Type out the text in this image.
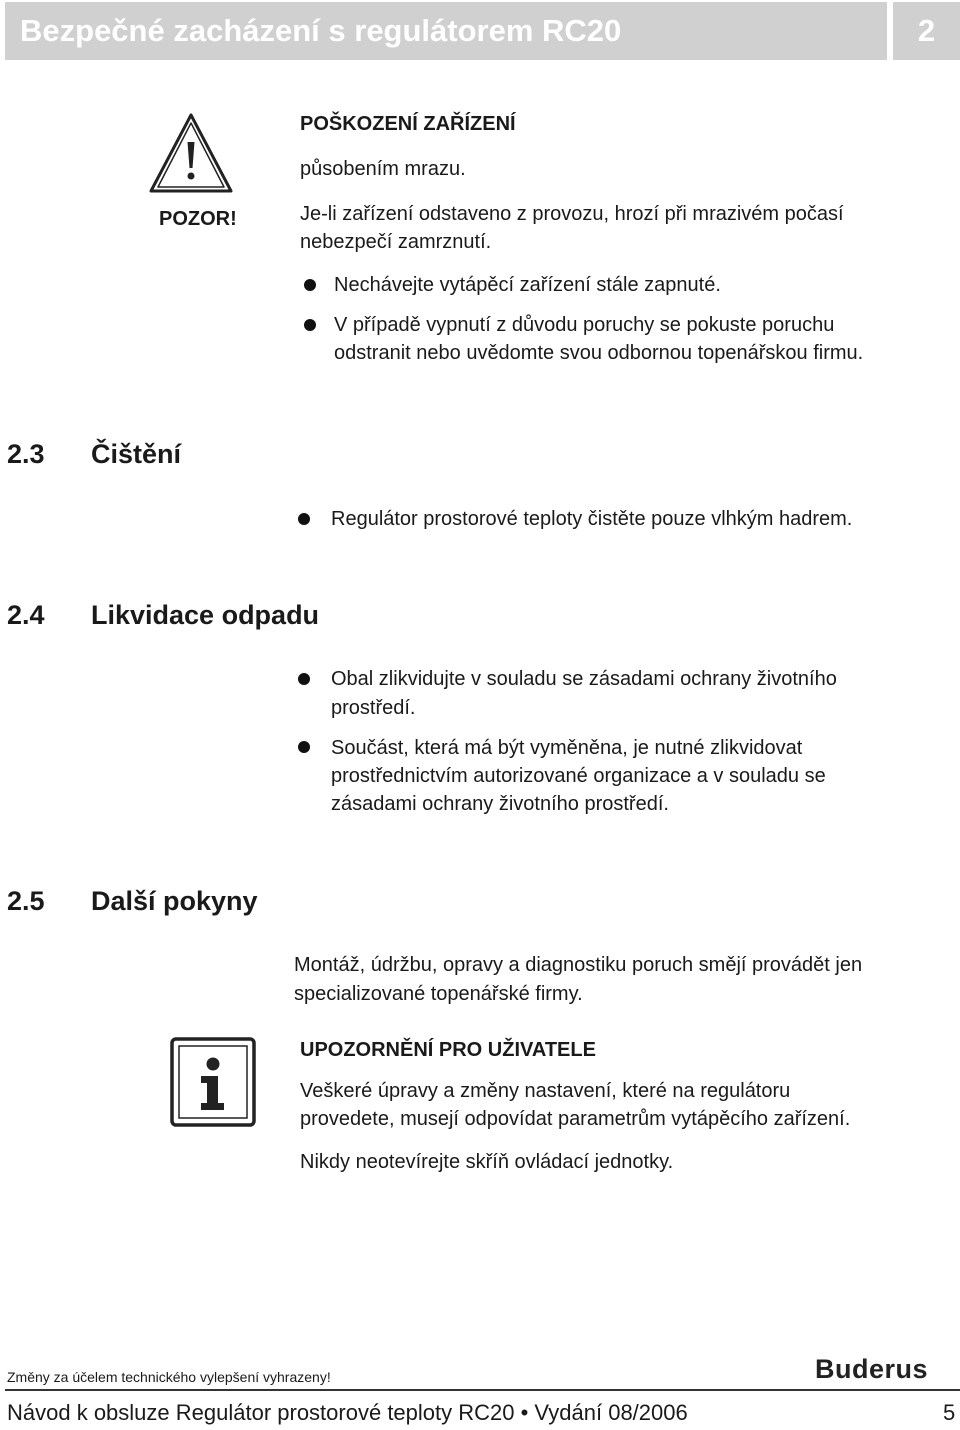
Bezpečné zacházení s regulátorem RC20	2
POZOR!
POŠKOZENÍ ZAŘÍZENÍ
působením mrazu.
Je-li zařízení odstaveno z provozu, hrozí při mrazivém počasí
nebezpečí zamrznutí.
Nechávejte vytápěcí zařízení stále zapnuté.
V případě vypnutí z důvodu poruchy se pokuste poruchu
odstranit nebo uvědomte svou odbornou topenářskou firmu.
2.3 Čištění
Regulátor prostorové teploty čistěte pouze vlhkým hadrem.
2.4 Likvidace odpadu
Obal zlikvidujte v souladu se zásadami ochrany životního
prostředí.
Součást, která má být vyměněna, je nutné zlikvidovat
prostřednictvím autorizované organizace a v souladu se
zásadami ochrany životního prostředí.
2.5 Další pokyny
Montáž, údržbu, opravy a diagnostiku poruch smějí provádět jen
specializované topenářské firmy.
UPOZORNĚNÍ PRO UŽIVATELE
Veškeré úpravy a změny nastavení, které na regulátoru
provedete, musejí odpovídat parametrům vytápěcího zařízení.
Nikdy neotevírejte skříň ovládací jednotky.
Změny za účelem technického vylepšení vyhrazeny!	Buderus
Návod k obsluze Regulátor prostorové teploty RC20 • Vydání 08/2006	5
